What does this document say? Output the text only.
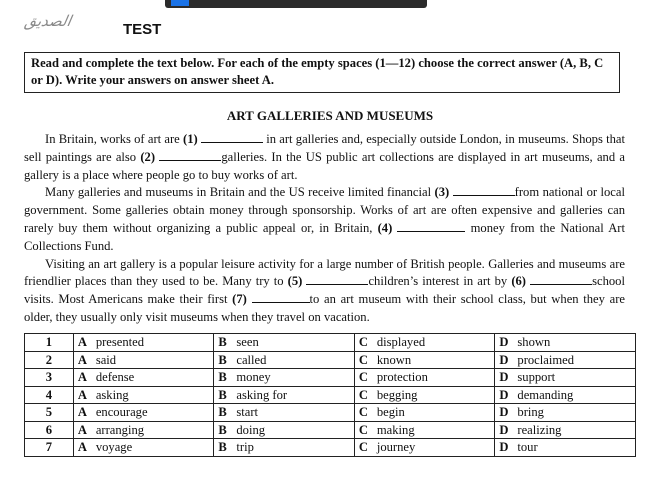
الصديق	TEST
Read and complete the text below. For each of the empty spaces (1—12) choose the correct answer (A, B, C or D). Write your answers on answer sheet A.
ART GALLERIES AND MUSEUMS

In Britain, works of art are (1)	in art galleries and, especially outside London, in museums. Shops that sell paintings are also (2)	galleries. In the US public art collections are displayed in art museums, and a gallery is a place where people go to buy works of art.

Many galleries and museums in Britain and the US receive limited financial (3)	from national or local government. Some galleries obtain money through sponsorship. Works of art are often expensive and galleries can rarely buy them without organizing a public appeal or, in Britain, (4)	money from the National Art Collections Fund.

Visiting an art gallery is a popular leisure activity for a large number of British people. Galleries and museums are friendlier places than they used to be. Many try to (5)	children’s interest in art by (6)	school visits. Most Americans make their first (7)	to an art museum with their school class, but when they are older, they usually only visit museums when they travel on vacation.

1	A presented	B seen	C displayed	D shown
2	A said	B called	C known	D proclaimed
3	A defense	B money	C protection	D support
4	A asking	B asking for	C begging	D demanding
5	A encourage	B start	C begin	D bring
6	A arranging	B doing	C making	D realizing
7	A voyage	B trip	C journey	D tour
